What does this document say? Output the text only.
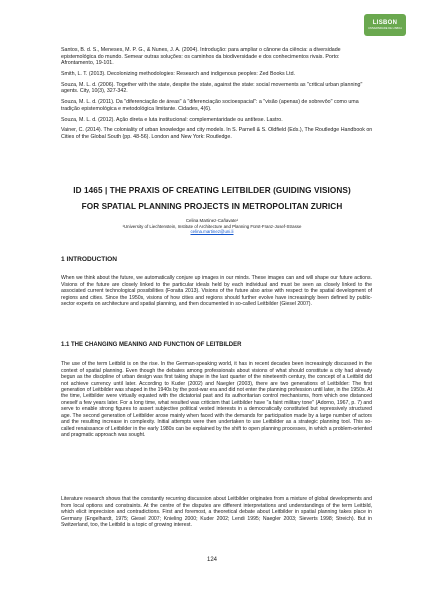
LISBON
UNIVERSIDADE DE LISBOA

Santos, B. d. S., Meneses, M. P. G., & Nunes, J. A. (2004). Introdução: para ampliar o cânone da ciência: a diversidade epistemológica do mundo. Semear outras soluções: os caminhos da biodiversidade e dos conhecimentos rivais. Porto: Afrontamento, 19-101.

Smith, L. T. (2013). Decolonizing methodologies: Research and indigenous peoples: Zed Books Ltd.

Souza, M. L. d. (2006). Together with the state, despite the state, against the state: social movements as "critical urban planning" agents. City, 10(3), 327-342.

Souza, M. L. d. (2011). Da "diferenciação de áreas" à "diferenciação socioespacial": a "visão (apenas) de sobrevôo" como uma tradição epistemológica e metodológica limitante. Cidades, 4(6).

Souza, M. L. d. (2012). Ação direta e luta institucional: complementaridade ou antítese. Lastro.

Vainer, C. (2014). The coloniality of urban knowledge and city models. In S. Parnell & S. Oldfield (Eds.), The Routledge Handbook on Cities of the Global South (pp. 48-56). London and New York: Routledge.

ID 1465 | THE PRAXIS OF CREATING LEITBILDER (GUIDING VISIONS)
FOR SPATIAL PLANNING PROJECTS IN METROPOLITAN ZURICH
Celina Martinez-Cañavate¹
¹University of Liechtenstein, Institute of Architecture and Planning Fürst-Franz-Josef-Strasse
celina.martinez@uni.li
1 INTRODUCTION

When we think about the future, we automatically conjure up images in our minds. These images can and will shape our future actions. Visions of the future are closely linked to the particular ideals held by each individual and must be seen as closely linked to the associated current technological possibilities (Foraita 2013). Visions of the future also arise with respect to the spatial development of regions and cities. Since the 1950s, visions of how cities and regions should further evolve have increasingly been defined by public-sector experts on architecture and spatial planning, and then documented in so-called Leitbilder (Giesel 2007).

1.1 THE CHANGING MEANING AND FUNCTION OF LEITBILDER

The use of the term Leitbild is on the rise. In the German-speaking world, it has in recent decades been increasingly discussed in the context of spatial planning. Even though the debates among professionals about visions of what should constitute a city had already begun as the discipline of urban design was first taking shape in the last quarter of the nineteenth century, the concept of a Leitbild did not achieve currency until later. According to Kuder (2002) and Naegler (2003), there are two generations of Leitbilder: The first generation of Leitbilder was shaped in the 1940s by the post-war era and did not enter the planning profession until later, in the 1950s. At the time, Leitbilder were virtually equated with the dictatorial past and its authoritarian control mechanisms, from which one distanced oneself a few years later. For a long time, what resulted was criticism that Leitbilder have "a faint military tone" (Adorno, 1967, p. 7) and serve to enable strong figures to assert subjective political vested interests in a democratically constituted but repressively structured age. The second generation of Leitbilder arose mainly when faced with the demands for participation made by a large number of actors and the resulting increase in complexity. Initial attempts were then undertaken to use Leitbilder as a strategic planning tool. This so-called renaissance of Leitbilder in the early 1980s can be explained by the shift to open planning processes, in which a problem-oriented and pragmatic approach was sought.

Literature research shows that the constantly recurring discussion about Leitbilder originates from a mixture of global developments and from local options and constraints. At the centre of the disputes are different interpretations and understandings of the term Leitbild, which elicit imprecision and contradictions. First and foremost, a theoretical debate about Leitbilder in spatial planning takes place in Germany (Engelhardt, 1975; Giesel 2007; Knieling 2000; Kuder 2002; Lendi 1995; Naegler 2003; Sieverts 1998; Streich). But in Switzerland, too, the Leitbild is a topic of growing interest.

124
